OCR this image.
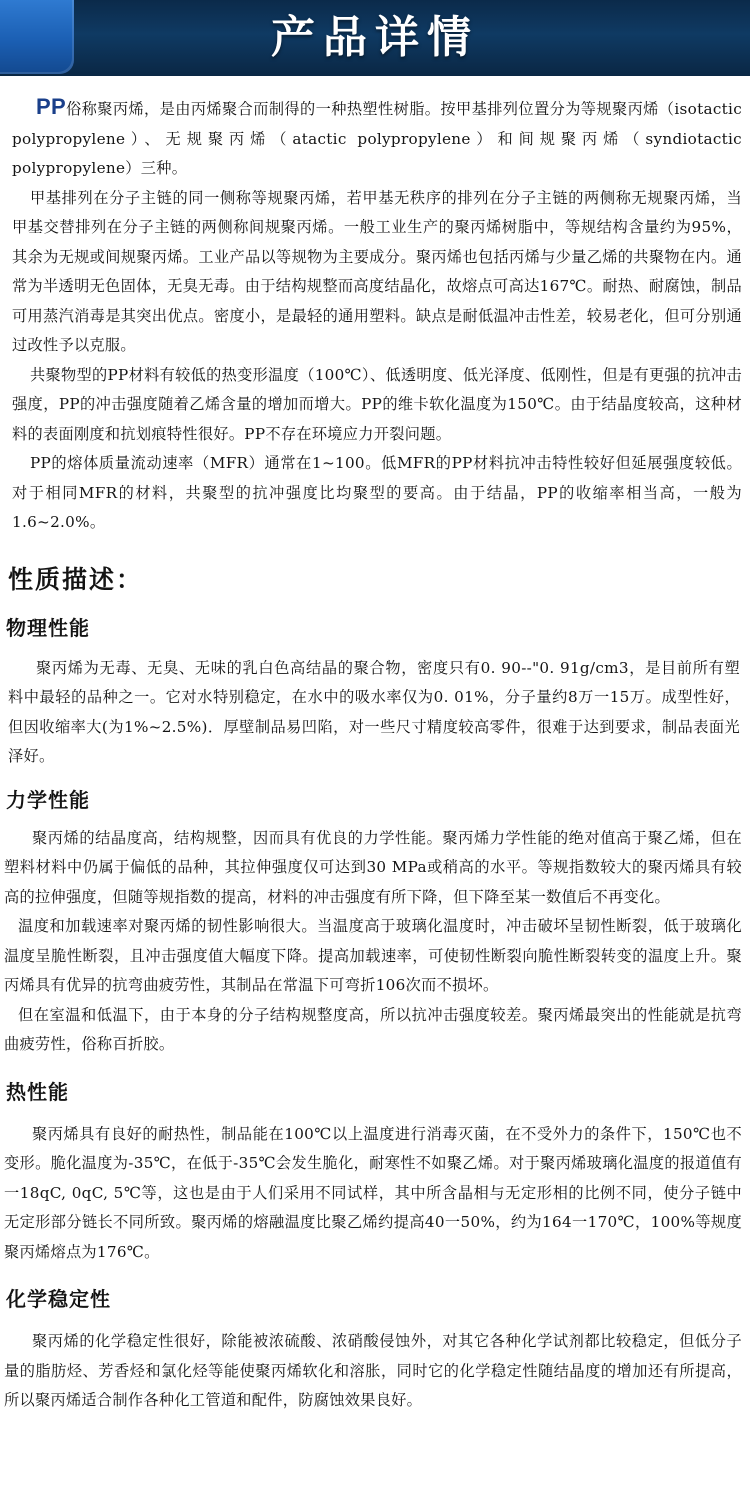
产品详情

PP俗称聚丙烯，是由丙烯聚合而制得的一种热塑性树脂。按甲基排列位置分为等规聚丙烯（isotactic polypropylene）、无规聚丙烯（atactic polypropylene）和间规聚丙烯（syndiotactic polypropylene）三种。

甲基排列在分子主链的同一侧称等规聚丙烯，若甲基无秩序的排列在分子主链的两侧称无规聚丙烯，当甲基交替排列在分子主链的两侧称间规聚丙烯。一般工业生产的聚丙烯树脂中，等规结构含量约为95%，其余为无规或间规聚丙烯。工业产品以等规物为主要成分。聚丙烯也包括丙烯与少量乙烯的共聚物在内。通常为半透明无色固体，无臭无毒。由于结构规整而高度结晶化，故熔点可高达167℃。耐热、耐腐蚀，制品可用蒸汽消毒是其突出优点。密度小，是最轻的通用塑料。缺点是耐低温冲击性差，较易老化，但可分别通过改性予以克服。

共聚物型的PP材料有较低的热变形温度（100℃）、低透明度、低光泽度、低刚性，但是有更强的抗冲击强度，PP的冲击强度随着乙烯含量的增加而增大。PP的维卡软化温度为150℃。由于结晶度较高，这种材料的表面刚度和抗划痕特性很好。PP不存在环境应力开裂问题。

PP的熔体质量流动速率（MFR）通常在1~100。低MFR的PP材料抗冲击特性较好但延展强度较低。对于相同MFR的材料，共聚型的抗冲强度比均聚型的要高。由于结晶，PP的收缩率相当高，一般为1.6~2.0%。

性质描述：
物理性能

聚丙烯为无毒、无臭、无味的乳白色高结晶的聚合物，密度只有0. 90--"0. 91g/cm3，是目前所有塑料中最轻的品种之一。它对水特别稳定，在水中的吸水率仅为0. 01%，分子量约8万一15万。成型性好，但因收缩率大(为1%~2.5%)．厚壁制品易凹陷，对一些尺寸精度较高零件，很难于达到要求，制品表面光泽好。

力学性能

聚丙烯的结晶度高，结构规整，因而具有优良的力学性能。聚丙烯力学性能的绝对值高于聚乙烯，但在塑料材料中仍属于偏低的品种，其拉伸强度仅可达到30 MPa或稍高的水平。等规指数较大的聚丙烯具有较高的拉伸强度，但随等规指数的提高，材料的冲击强度有所下降，但下降至某一数值后不再变化。

温度和加载速率对聚丙烯的韧性影响很大。当温度高于玻璃化温度时，冲击破坏呈韧性断裂，低于玻璃化温度呈脆性断裂，且冲击强度值大幅度下降。提高加载速率，可使韧性断裂向脆性断裂转变的温度上升。聚丙烯具有优异的抗弯曲疲劳性，其制品在常温下可弯折106次而不损坏。

但在室温和低温下，由于本身的分子结构规整度高，所以抗冲击强度较差。聚丙烯最突出的性能就是抗弯曲疲劳性，俗称百折胶。

热性能

聚丙烯具有良好的耐热性，制品能在100℃以上温度进行消毒灭菌，在不受外力的条件下，150℃也不变形。脆化温度为-35℃，在低于-35℃会发生脆化，耐寒性不如聚乙烯。对于聚丙烯玻璃化温度的报道值有一18qC, 0qC, 5℃等，这也是由于人们采用不同试样，其中所含晶相与无定形相的比例不同，使分子链中无定形部分链长不同所致。聚丙烯的熔融温度比聚乙烯约提高40一50%，约为164一170℃，100%等规度聚丙烯熔点为176℃。

化学稳定性

聚丙烯的化学稳定性很好，除能被浓硫酸、浓硝酸侵蚀外，对其它各种化学试剂都比较稳定，但低分子量的脂肪烃、芳香烃和氯化烃等能使聚丙烯软化和溶胀，同时它的化学稳定性随结晶度的增加还有所提高，所以聚丙烯适合制作各种化工管道和配件，防腐蚀效果良好。
